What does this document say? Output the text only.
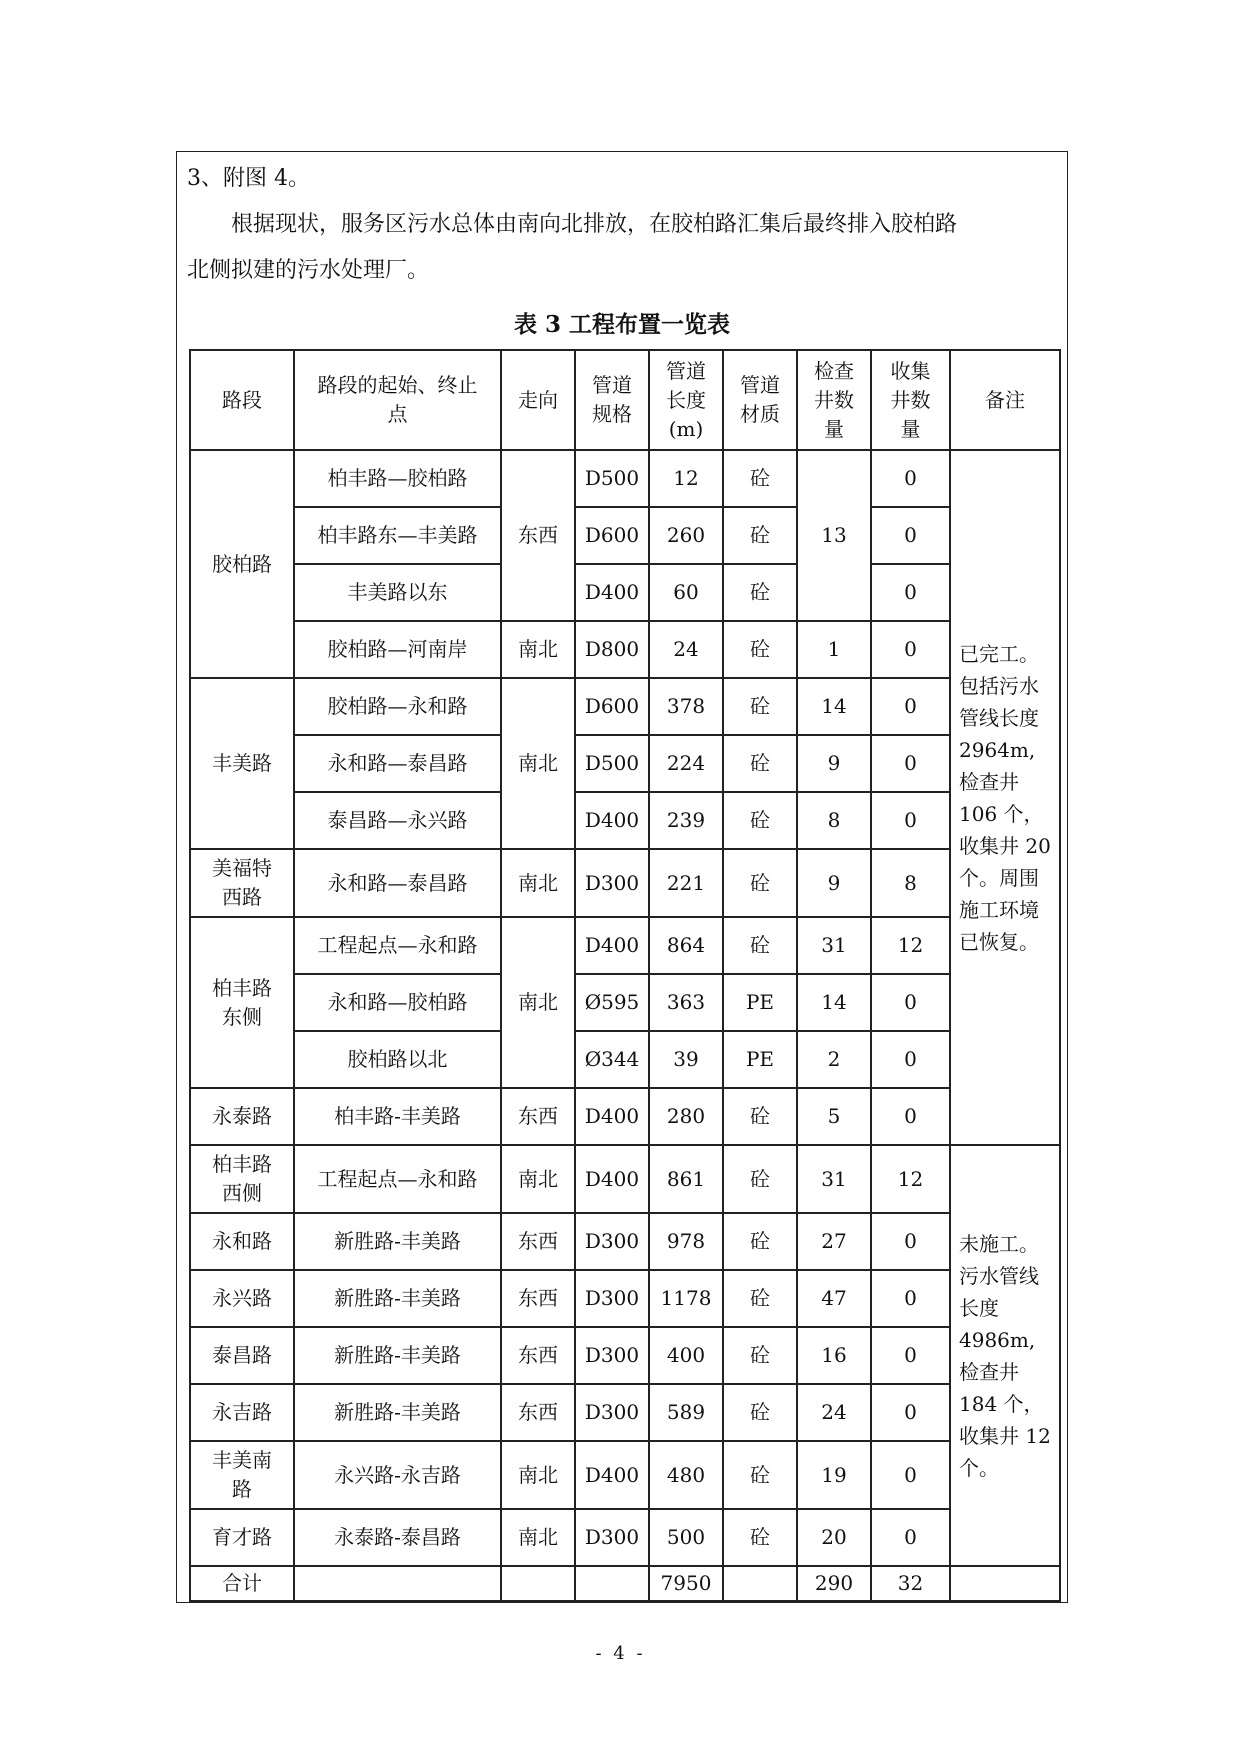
3、附图 4。
　　根据现状，服务区污水总体由南向北排放，在胶柏路汇集后最终排入胶柏路
北侧拟建的污水处理厂。
表 3 工程布置一览表
路段	路段的起始、终止点	走向	管道规格	管道长度(m)	管道材质	检查井数量	收集井数量	备注
胶柏路	柏丰路—胶柏路	东西	D500	12	砼	13	0	已完工。包括污水管线长度2964m,检查井 106 个，收集井 20 个。周围施工环境已恢复。
	柏丰路东—丰美路		D600	260	砼		0	
	丰美路以东		D400	60	砼		0	
	胶柏路—河南岸	南北	D800	24	砼	1	0	
丰美路	胶柏路—永和路	南北	D600	378	砼	14	0	
	永和路—泰昌路		D500	224	砼	9	0	
	泰昌路—永兴路		D400	239	砼	8	0	
美福特西路	永和路—泰昌路	南北	D300	221	砼	9	8	
柏丰路东侧	工程起点—永和路	南北	D400	864	砼	31	12	
	永和路—胶柏路		Ø595	363	PE	14	0	
	胶柏路以北		Ø344	39	PE	2	0	
永泰路	柏丰路-丰美路	东西	D400	280	砼	5	0	
柏丰路西侧	工程起点—永和路	南北	D400	861	砼	31	12	未施工。污水管线长度4986m,检查井 184 个，收集井 12 个。
永和路	新胜路-丰美路	东西	D300	978	砼	27	0	
永兴路	新胜路-丰美路	东西	D300	1178	砼	47	0	
泰昌路	新胜路-丰美路	东西	D300	400	砼	16	0	
永吉路	新胜路-丰美路	东西	D300	589	砼	24	0	
丰美南路	永兴路-永吉路	南北	D400	480	砼	19	0	
育才路	永泰路-泰昌路	南北	D300	500	砼	20	0	
合计				7950		290	32	
- 4 -
